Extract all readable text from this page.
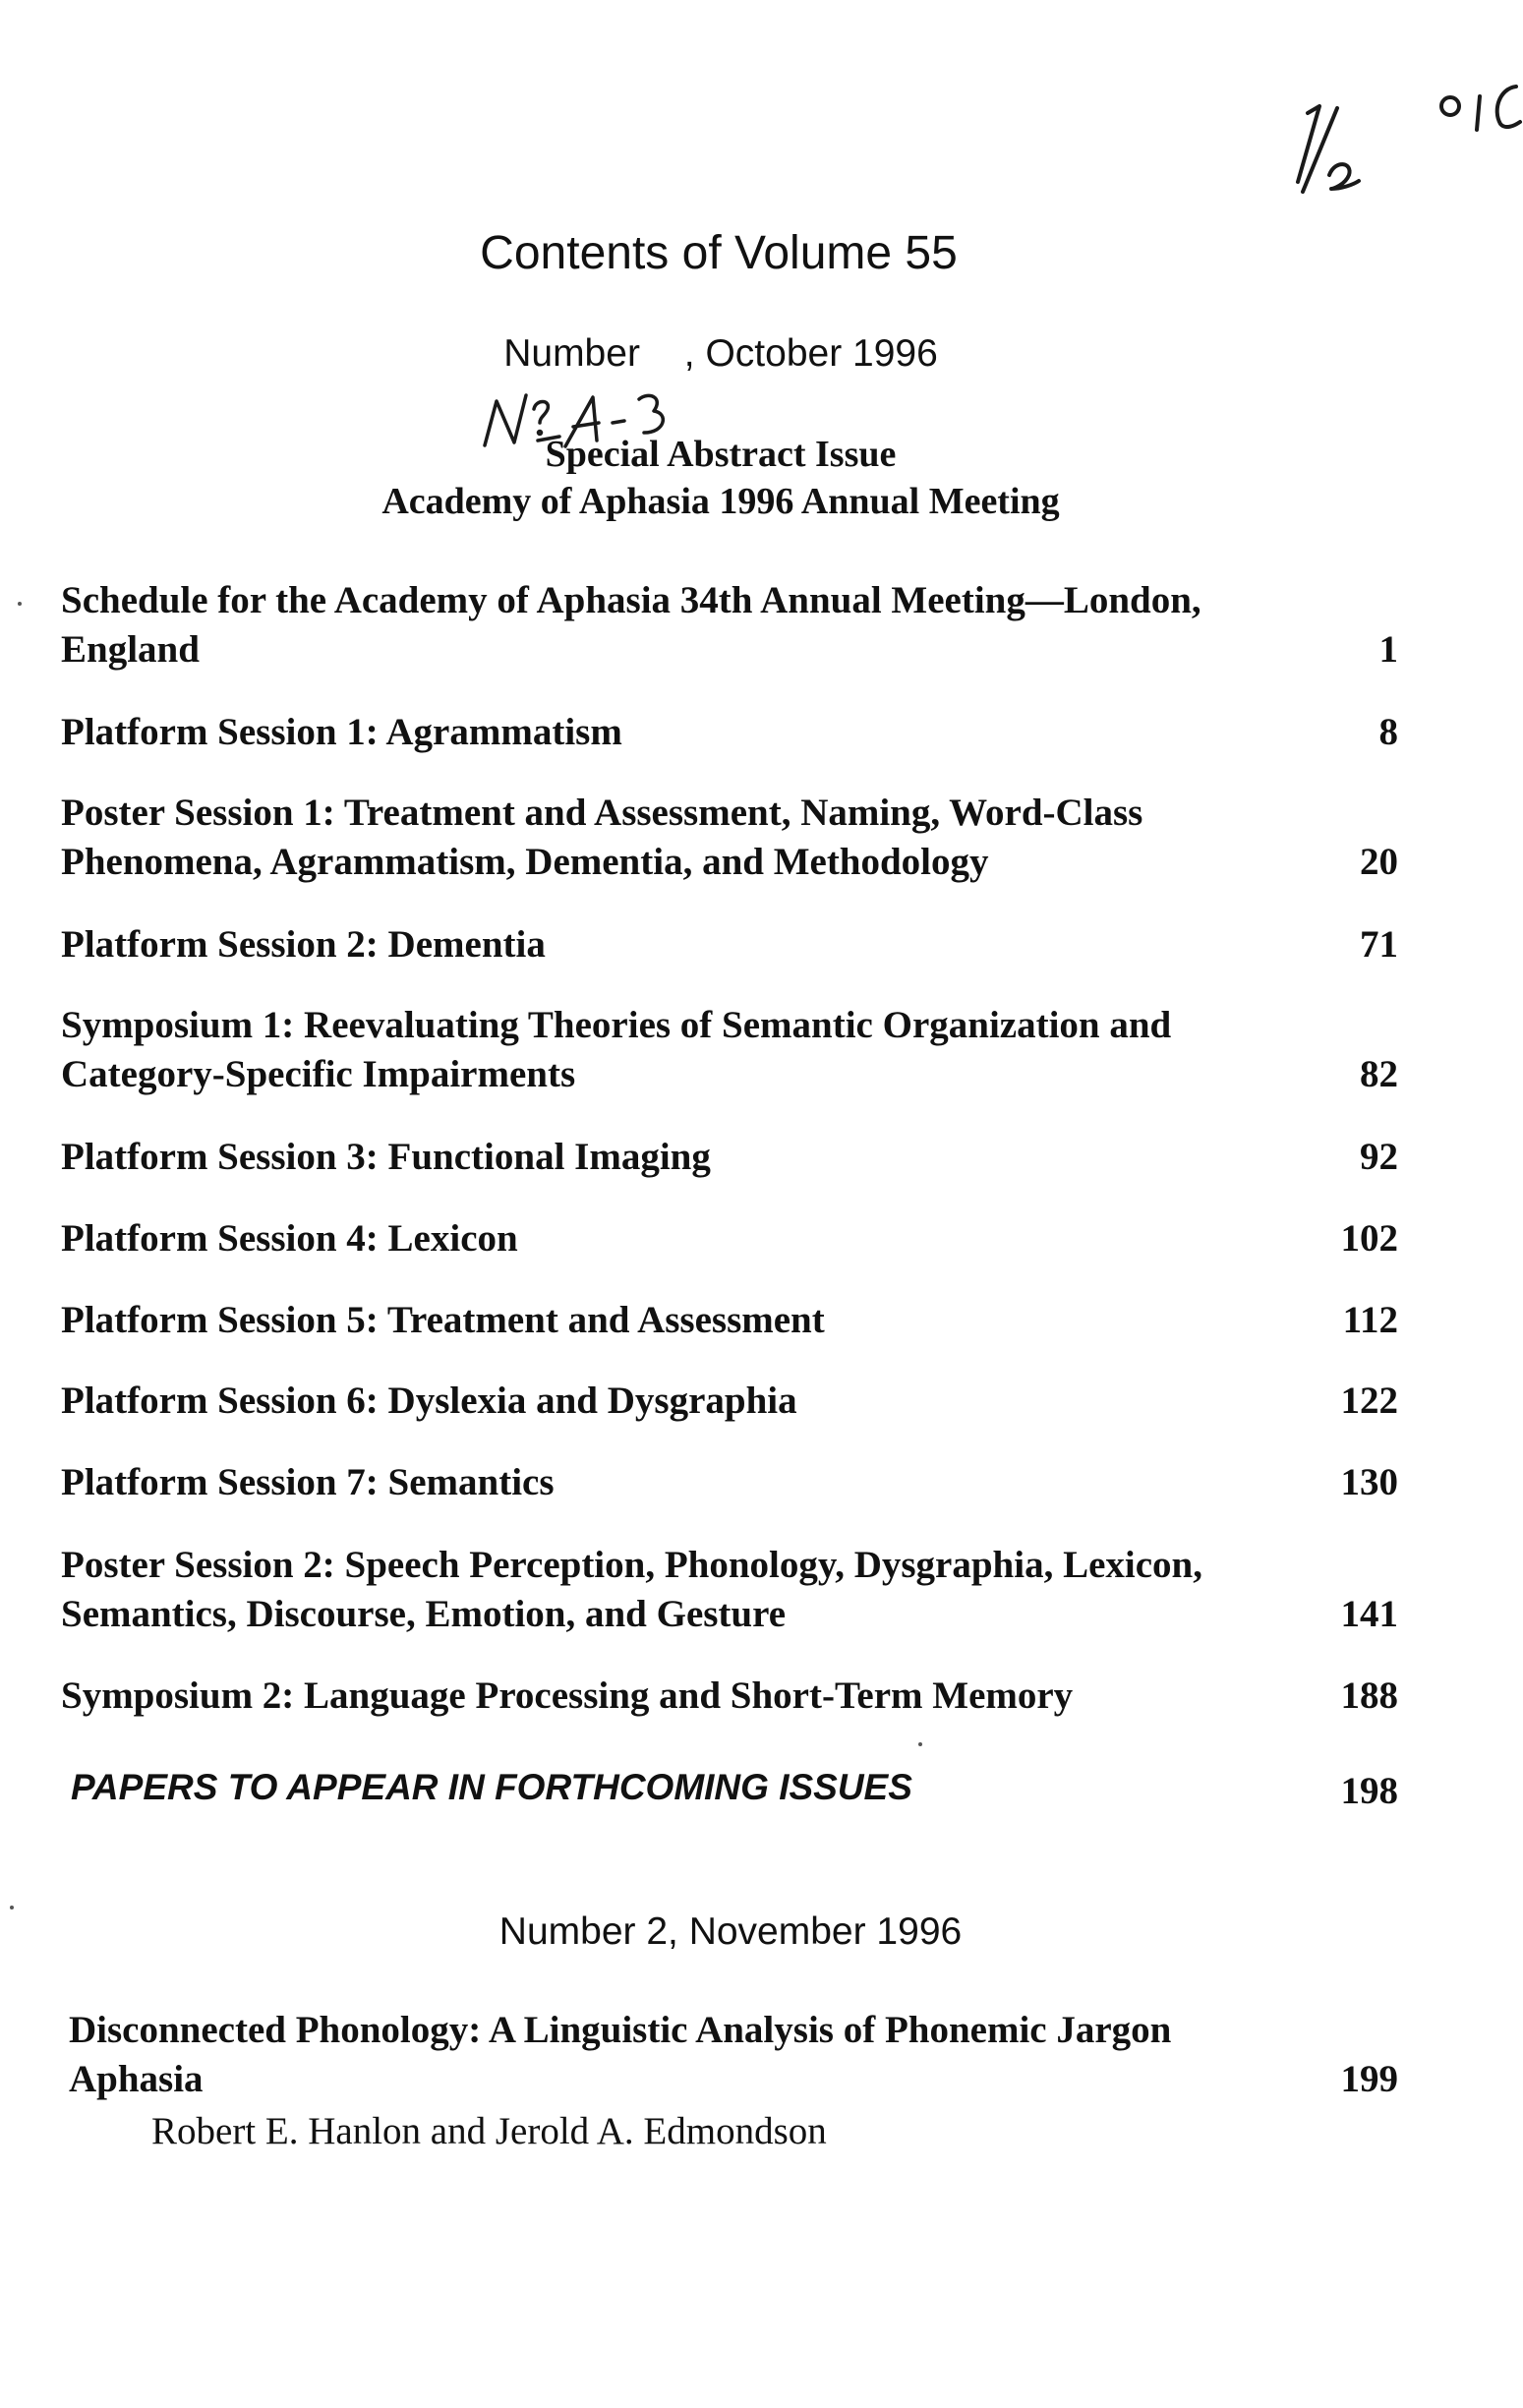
Contents of Volume 55
Number , October 1996
Special Abstract Issue
Academy of Aphasia 1996 Annual Meeting
Schedule for the Academy of Aphasia 34th Annual Meeting—London, England	1
Platform Session 1: Agrammatism	8
Poster Session 1: Treatment and Assessment, Naming, Word-Class Phenomena, Agrammatism, Dementia, and Methodology	20
Platform Session 2: Dementia	71
Symposium 1: Reevaluating Theories of Semantic Organization and Category-Specific Impairments	82
Platform Session 3: Functional Imaging	92
Platform Session 4: Lexicon	102
Platform Session 5: Treatment and Assessment	112
Platform Session 6: Dyslexia and Dysgraphia	122
Platform Session 7: Semantics	130
Poster Session 2: Speech Perception, Phonology, Dysgraphia, Lexicon, Semantics, Discourse, Emotion, and Gesture	141
Symposium 2: Language Processing and Short-Term Memory	188
PAPERS TO APPEAR IN FORTHCOMING ISSUES	198
Number 2, November 1996
Disconnected Phonology: A Linguistic Analysis of Phonemic Jargon Aphasia	199
Robert E. Hanlon and Jerold A. Edmondson
